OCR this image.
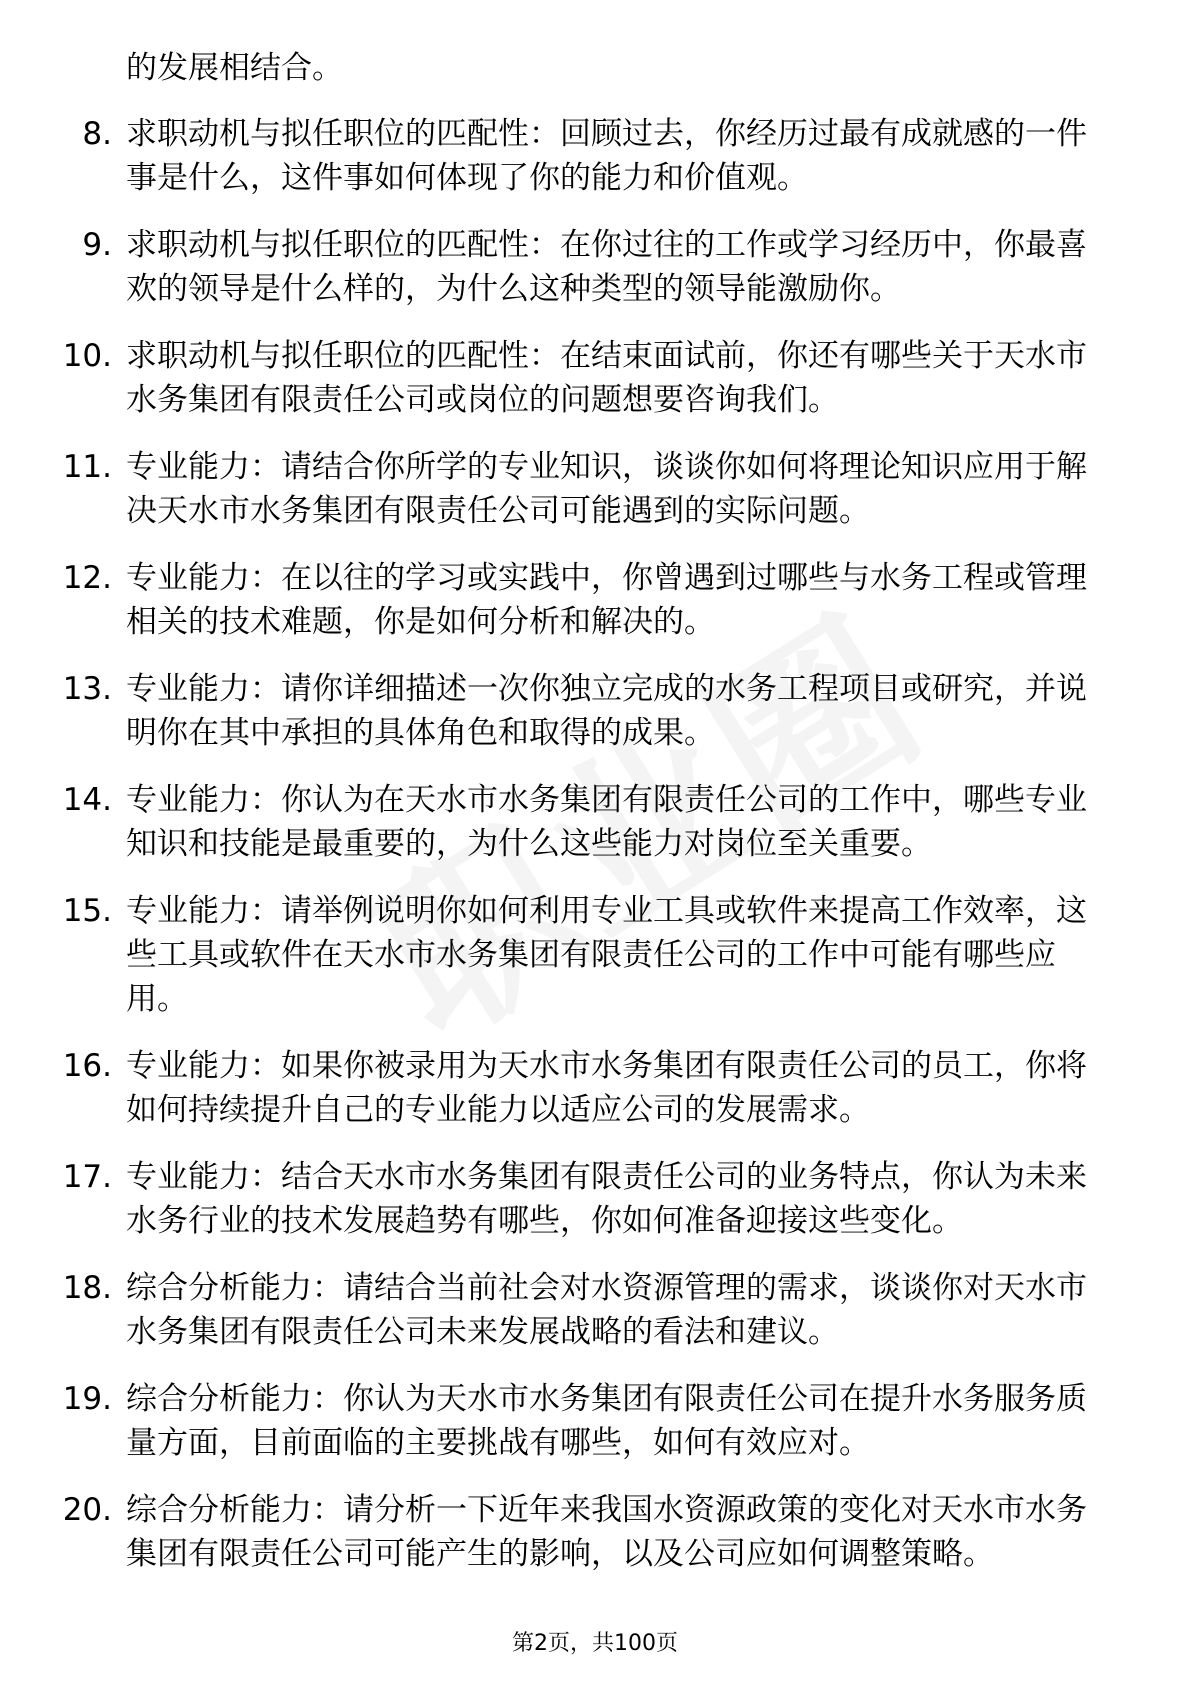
的发展相结合。
8. 求职动机与拟任职位的匹配性：回顾过去，你经历过最有成就感的一件事是什么，这件事如何体现了你的能力和价值观。
9. 求职动机与拟任职位的匹配性：在你过往的工作或学习经历中，你最喜欢的领导是什么样的，为什么这种类型的领导能激励你。
10. 求职动机与拟任职位的匹配性：在结束面试前，你还有哪些关于天水市水务集团有限责任公司或岗位的问题想要咨询我们。
11. 专业能力：请结合你所学的专业知识，谈谈你如何将理论知识应用于解决天水市水务集团有限责任公司可能遇到的实际问题。
12. 专业能力：在以往的学习或实践中，你曾遇到过哪些与水务工程或管理相关的技术难题，你是如何分析和解决的。
13. 专业能力：请你详细描述一次你独立完成的水务工程项目或研究，并说明你在其中承担的具体角色和取得的成果。
14. 专业能力：你认为在天水市水务集团有限责任公司的工作中，哪些专业知识和技能是最重要的，为什么这些能力对岗位至关重要。
15. 专业能力：请举例说明你如何利用专业工具或软件来提高工作效率，这些工具或软件在天水市水务集团有限责任公司的工作中可能有哪些应用。
16. 专业能力：如果你被录用为天水市水务集团有限责任公司的员工，你将如何持续提升自己的专业能力以适应公司的发展需求。
17. 专业能力：结合天水市水务集团有限责任公司的业务特点，你认为未来水务行业的技术发展趋势有哪些，你如何准备迎接这些变化。
18. 综合分析能力：请结合当前社会对水资源管理的需求，谈谈你对天水市水务集团有限责任公司未来发展战略的看法和建议。
19. 综合分析能力：你认为天水市水务集团有限责任公司在提升水务服务质量方面，目前面临的主要挑战有哪些，如何有效应对。
20. 综合分析能力：请分析一下近年来我国水资源政策的变化对天水市水务集团有限责任公司可能产生的影响，以及公司应如何调整策略。
第2页，共100页
